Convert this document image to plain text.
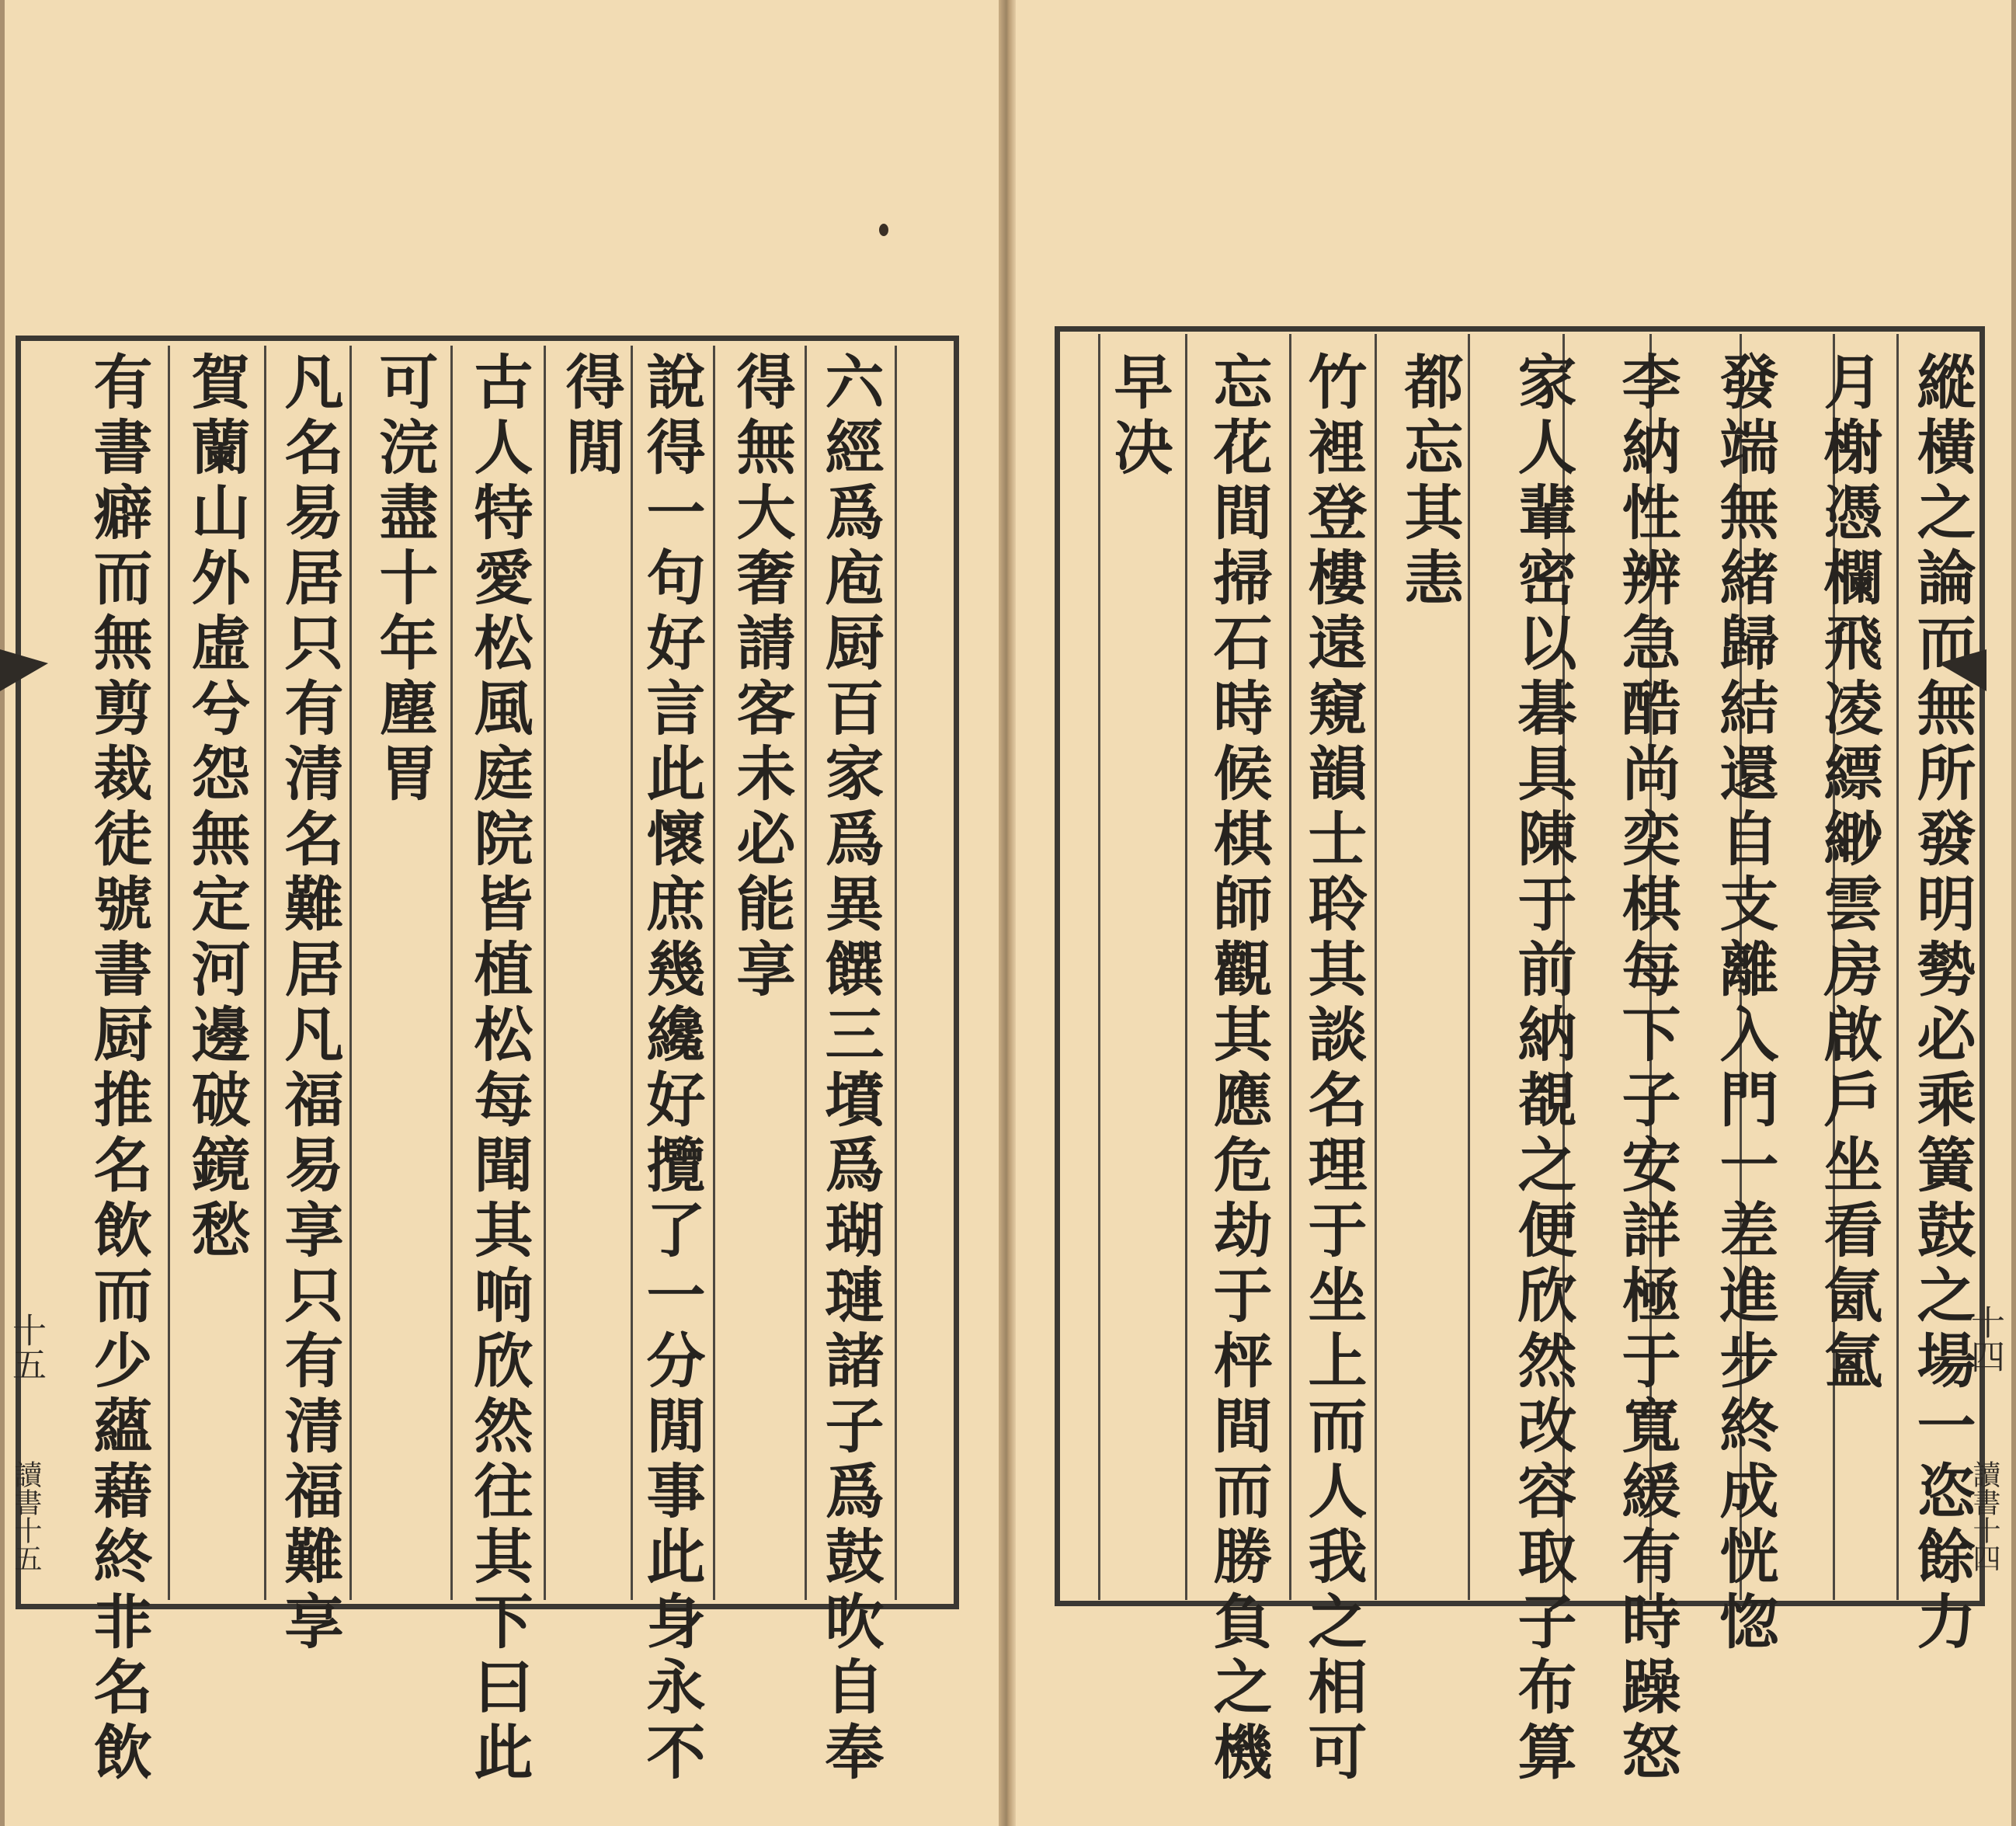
六經爲庖厨百家爲異饌三墳爲瑚璉諸子爲鼓吹自奉
得無大奢請客未必能享
說得一句好言此懷庶幾纔好攬了一分閒事此身永不
得閒
古人特愛松風庭院皆植松每聞其响欣然往其下曰此
可浣盡十年塵胃
凡名易居只有清名難居凡福易享只有清福難享
賀蘭山外虛兮怨無定河邊破鏡愁
有書癖而無剪裁徒號書厨推名飲而少蘊藉終非名飲
十五
讀書十五	縱橫之論而無所發明勢必乘簧鼓之場一恣餘力
月榭憑欄飛凌縹緲雲房啟戶坐看氤氳
發端無緒歸結還自支離入門一差進步終成恍惚
李納性辨急酷尚奕棋每下子安詳極于寬緩有時躁怒
家人輩密以碁具陳于前納覩之便欣然改容取子布算
都忘其恚
竹裡登樓遠窺韻士聆其談名理于坐上而人我之相可
忘花間掃石時候棋師觀其應危劫于枰間而勝負之機
早决
十四
讀書十四
